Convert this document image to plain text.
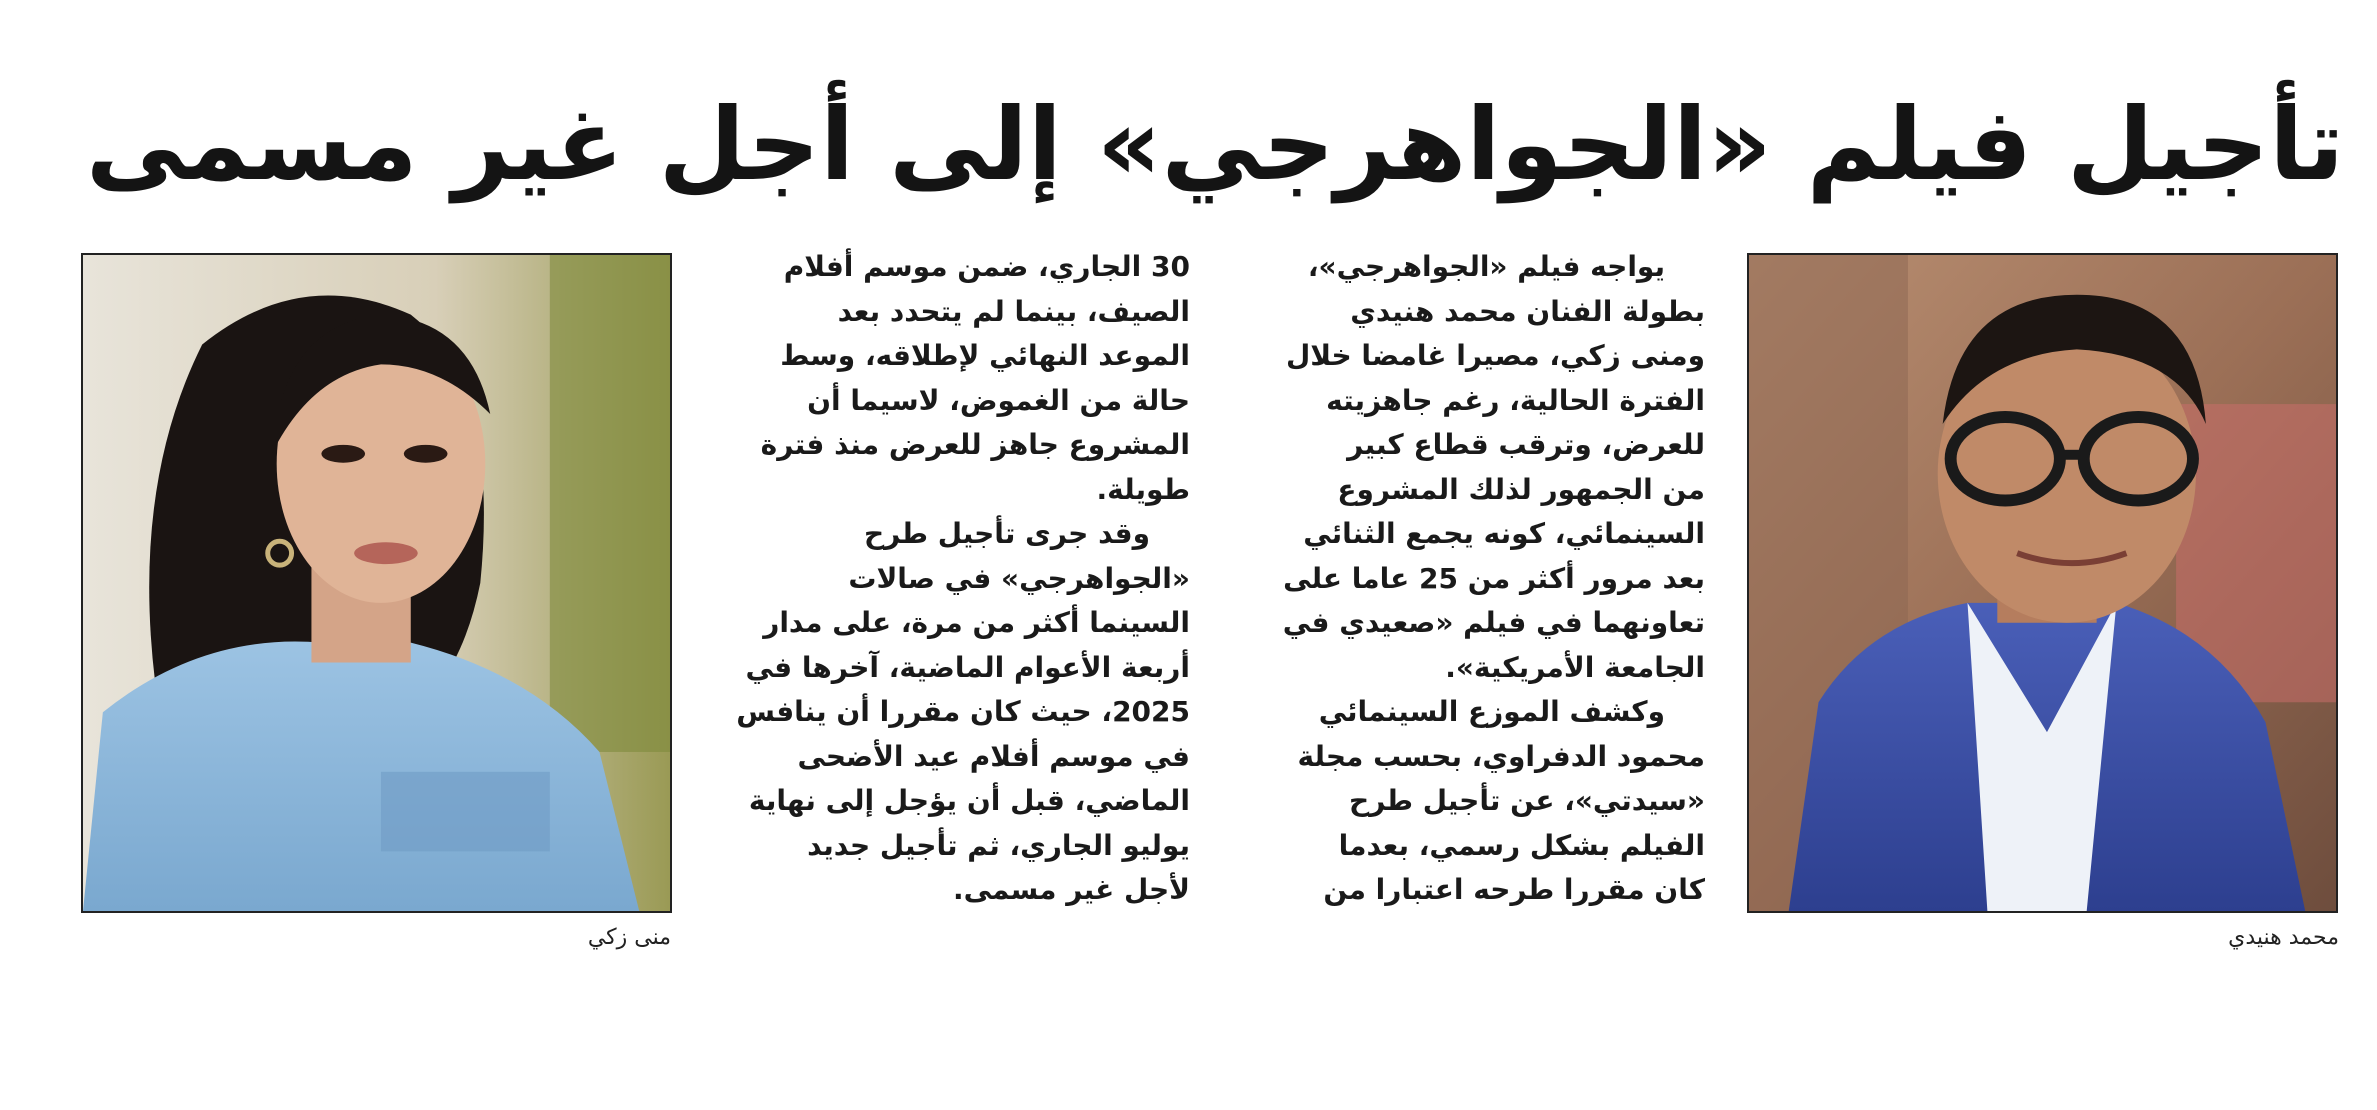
تأجيل فيلم «الجواهرجي» إلى أجل غير مسمى
محمد هنيدي
منى زكي
يواجه فيلم «الجواهرجي»،
بطولة الفنان محمد هنيدي
ومنى زكي، مصيرا غامضا خلال
الفترة الحالية، رغم جاهزيته
للعرض، وترقب قطاع كبير
من الجمهور لذلك المشروع
السينمائي، كونه يجمع الثنائي
بعد مرور أكثر من 25 عاما على
تعاونهما في فيلم «صعيدي في
الجامعة الأمريكية».
وكشف الموزع السينمائي
محمود الدفراوي، بحسب مجلة
«سيدتي»، عن تأجيل طرح
الفيلم بشكل رسمي، بعدما
كان مقررا طرحه اعتبارا من
30 الجاري، ضمن موسم أفلام
الصيف، بينما لم يتحدد بعد
الموعد النهائي لإطلاقه، وسط
حالة من الغموض، لاسيما أن
المشروع جاهز للعرض منذ فترة
طويلة.
وقد جرى تأجيل طرح
«الجواهرجي» في صالات
السينما أكثر من مرة، على مدار
أربعة الأعوام الماضية، آخرها في
2025، حيث كان مقررا أن ينافس
في موسم أفلام عيد الأضحى
الماضي، قبل أن يؤجل إلى نهاية
يوليو الجاري، ثم تأجيل جديد
لأجل غير مسمى.
